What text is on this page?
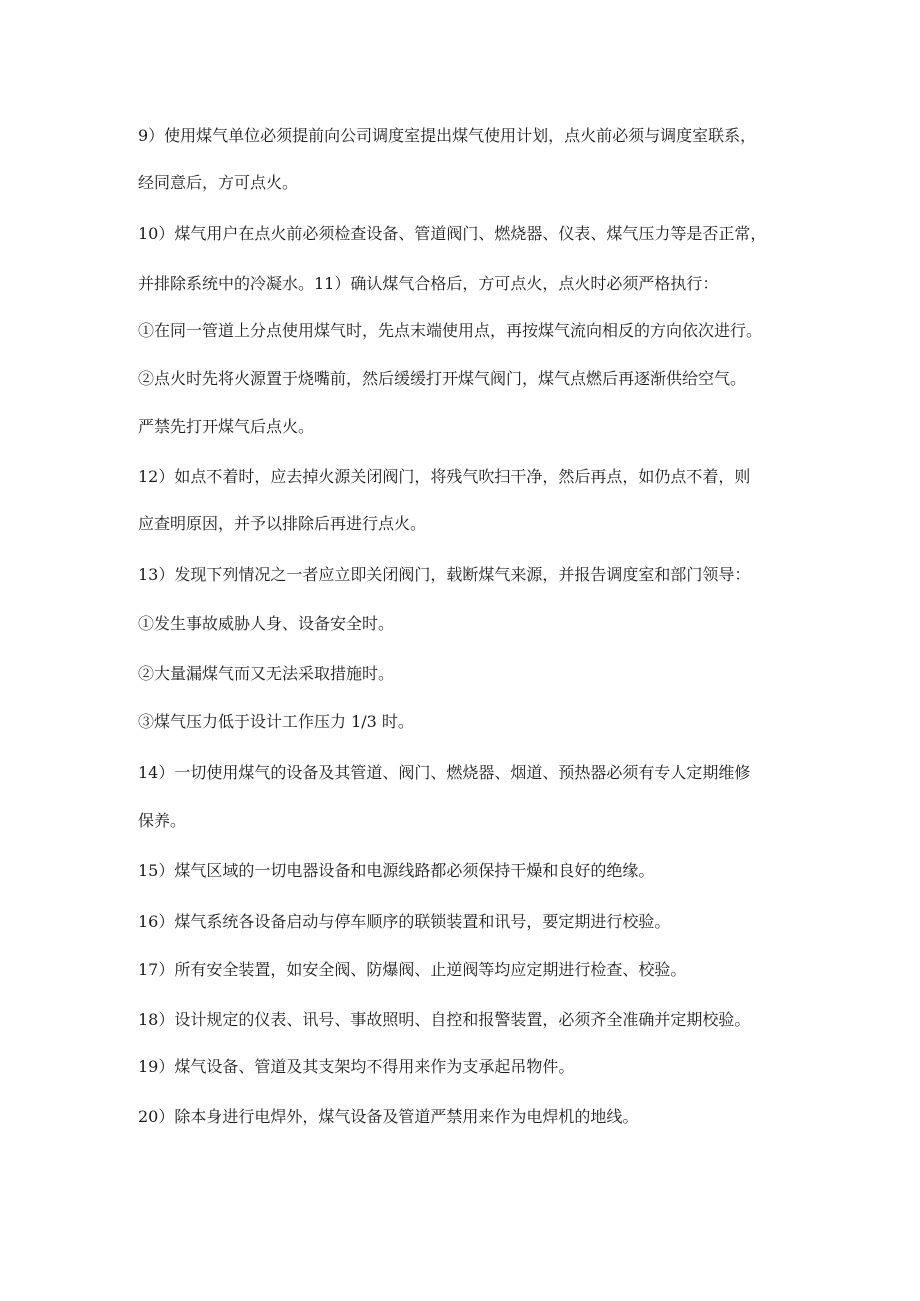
9）使用煤气单位必须提前向公司调度室提出煤气使用计划，点火前必须与调度室联系，
经同意后，方可点火。
10）煤气用户在点火前必须检查设备、管道阀门、燃烧器、仪表、煤气压力等是否正常，
并排除系统中的冷凝水。11）确认煤气合格后，方可点火，点火时必须严格执行：
①在同一管道上分点使用煤气时，先点末端使用点，再按煤气流向相反的方向依次进行。
②点火时先将火源置于烧嘴前，然后缓缓打开煤气阀门，煤气点燃后再逐渐供给空气。
严禁先打开煤气后点火。
12）如点不着时，应去掉火源关闭阀门，将残气吹扫干净，然后再点，如仍点不着，则
应查明原因，并予以排除后再进行点火。
13）发现下列情况之一者应立即关闭阀门，载断煤气来源，并报告调度室和部门领导：
①发生事故威胁人身、设备安全时。
②大量漏煤气而又无法采取措施时。
③煤气压力低于设计工作压力 1/3 时。
14）一切使用煤气的设备及其管道、阀门、燃烧器、烟道、预热器必须有专人定期维修
保养。
15）煤气区域的一切电器设备和电源线路都必须保持干燥和良好的绝缘。
16）煤气系统各设备启动与停车顺序的联锁装置和讯号，要定期进行校验。
17）所有安全装置，如安全阀、防爆阀、止逆阀等均应定期进行检查、校验。
18）设计规定的仪表、讯号、事故照明、自控和报警装置，必须齐全准确并定期校验。
19）煤气设备、管道及其支架均不得用来作为支承起吊物件。
20）除本身进行电焊外，煤气设备及管道严禁用来作为电焊机的地线。
